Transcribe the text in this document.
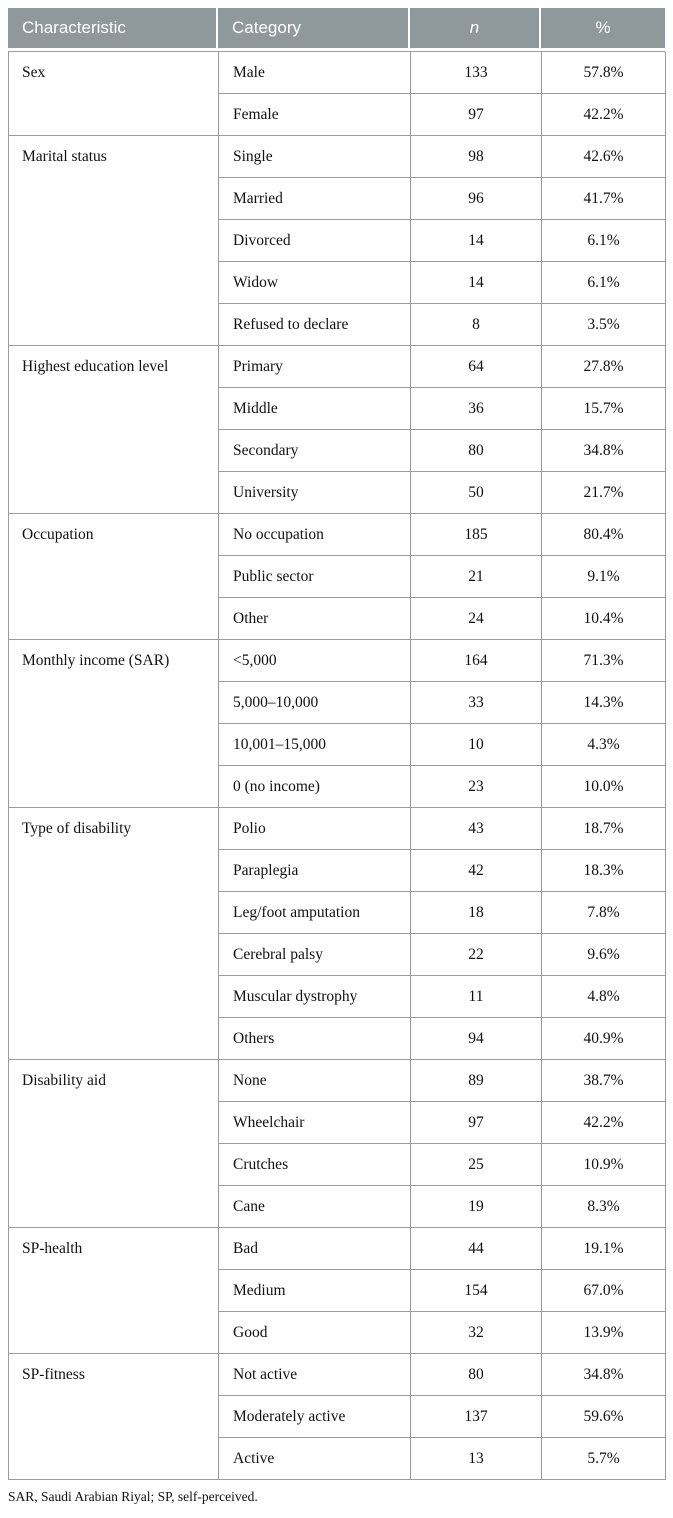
Characteristic	Category	n	%
Sex	Male	133	57.8%
Female	97	42.2%
Marital status	Single	98	42.6%
Married	96	41.7%
Divorced	14	6.1%
Widow	14	6.1%
Refused to declare	8	3.5%
Highest education level	Primary	64	27.8%
Middle	36	15.7%
Secondary	80	34.8%
University	50	21.7%
Occupation	No occupation	185	80.4%
Public sector	21	9.1%
Other	24	10.4%
Monthly income (SAR)	<5,000	164	71.3%
5,000–10,000	33	14.3%
10,001–15,000	10	4.3%
0 (no income)	23	10.0%
Type of disability	Polio	43	18.7%
Paraplegia	42	18.3%
Leg/foot amputation	18	7.8%
Cerebral palsy	22	9.6%
Muscular dystrophy	11	4.8%
Others	94	40.9%
Disability aid	None	89	38.7%
Wheelchair	97	42.2%
Crutches	25	10.9%
Cane	19	8.3%
SP-health	Bad	44	19.1%
Medium	154	67.0%
Good	32	13.9%
SP-fitness	Not active	80	34.8%
Moderately active	137	59.6%
Active	13	5.7%
SAR, Saudi Arabian Riyal; SP, self-perceived.
